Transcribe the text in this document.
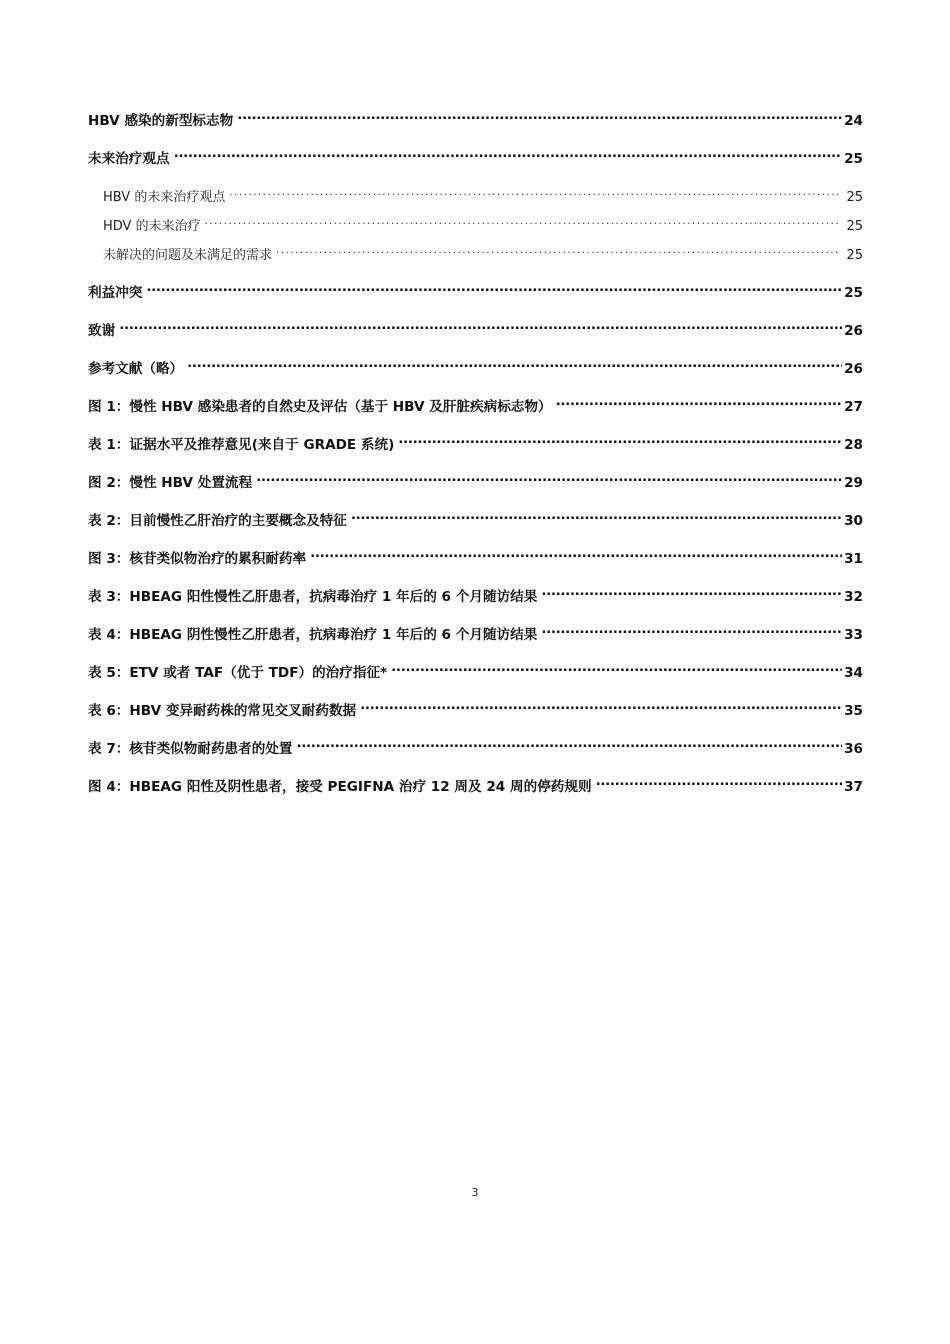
HBV 感染的新型标志物 .....	24
未来治疗观点 .....	25
HBV 的未来治疗观点 .....	25
HDV 的未来治疗 .....	25
未解决的问题及未满足的需求 .....	25
利益冲突 .....	25
致谢 .....	26
参考文献（略） .....	26
图 1：慢性 HBV 感染患者的自然史及评估（基于 HBV 及肝脏疾病标志物） .....	27
表 1：证据水平及推荐意见(来自于 GRADE 系统) .....	28
图 2：慢性 HBV 处置流程 .....	29
表 2：目前慢性乙肝治疗的主要概念及特征 .....	30
图 3：核苷类似物治疗的累积耐药率 .....	31
表 3：HBEAG 阳性慢性乙肝患者，抗病毒治疗 1 年后的 6 个月随访结果 .....	32
表 4：HBEAG 阴性慢性乙肝患者，抗病毒治疗 1 年后的 6 个月随访结果 .....	33
表 5：ETV 或者 TAF（优于 TDF）的治疗指征* .....	34
表 6：HBV 变异耐药株的常见交叉耐药数据 .....	35
表 7：核苷类似物耐药患者的处置 .....	36
图 4：HBEAG 阳性及阴性患者，接受 PEGIFNA 治疗 12 周及 24 周的停药规则 .....	37
3
